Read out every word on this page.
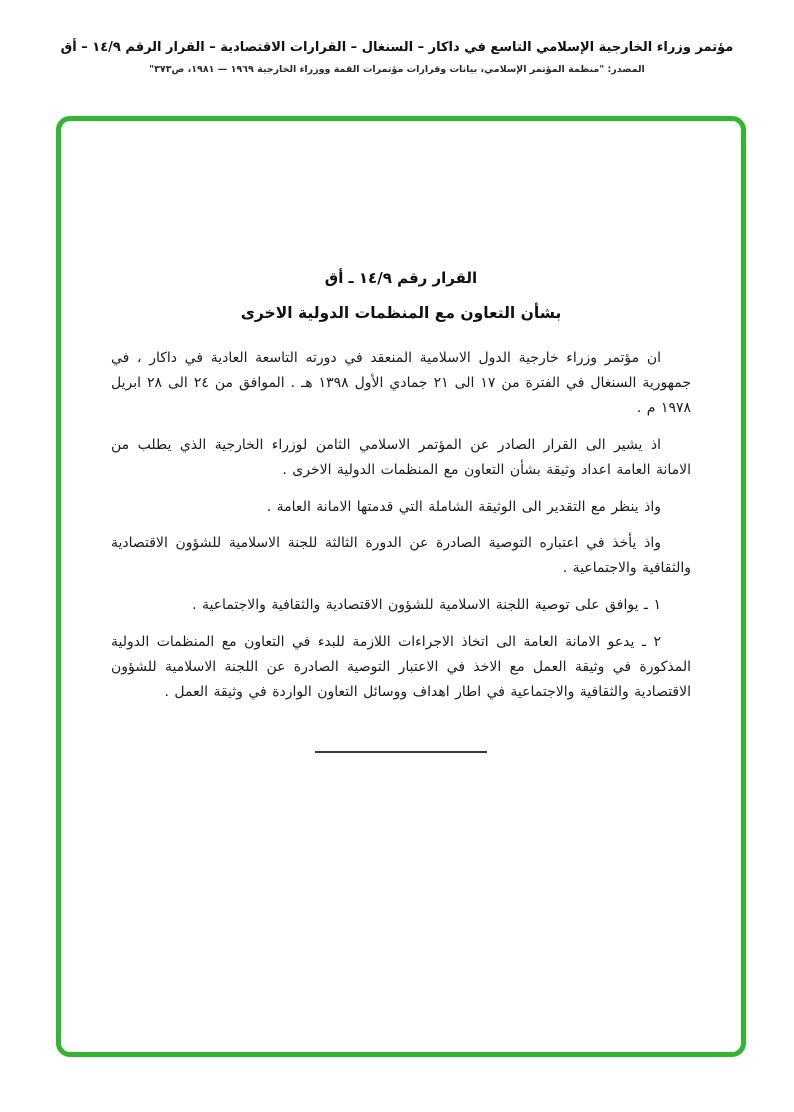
مؤتمر وزراء الخارجية الإسلامي التاسع في داكار – السنغال – القرارات الاقتصادية – القرار الرقم ١٤/٩ – أق
المصدر: "منظمة المؤتمر الإسلامي، بيانات وقرارات مؤتمرات القمة ووزراء الخارجية ١٩٦٩ — ١٩٨١، ص٣٧٣"
القرار رقم ١٤/٩ ـ أق
بشأن التعاون مع المنظمات الدولية الاخرى

ان مؤتمر وزراء خارجية الدول الاسلامية المنعقد في دورته التاسعة العادية في داكار ، في جمهورية السنغال في الفترة من ١٧ الى ٢١ جمادي الأول ١٣٩٨ هـ . الموافق من ٢٤ الى ٢٨ ابريل ١٩٧٨ م .

اذ يشير الى القرار الصادر عن المؤتمر الاسلامي الثامن لوزراء الخارجية الذي يطلب من الامانة العامة اعداد وثيقة بشأن التعاون مع المنظمات الدولية الاخرى .

واذ ينظر مع التقدير الى الوثيقة الشاملة التي قدمتها الامانة العامة .

واذ يأخذ في اعتباره التوصية الصادرة عن الدورة الثالثة للجنة الاسلامية للشؤون الاقتصادية والثقافية والاجتماعية .

١ ـ يوافق على توصية اللجنة الاسلامية للشؤون الاقتصادية والثقافية والاجتماعية .

٢ ـ يدعو الامانة العامة الى اتخاذ الاجراءات اللازمة للبدء في التعاون مع المنظمات الدولية المذكورة في وثيقة العمل مع الاخذ في الاعتبار التوصية الصادرة عن اللجنة الاسلامية للشؤون الاقتصادية والثقافية والاجتماعية في اطار اهداف ووسائل التعاون الواردة في وثيقة العمل .
